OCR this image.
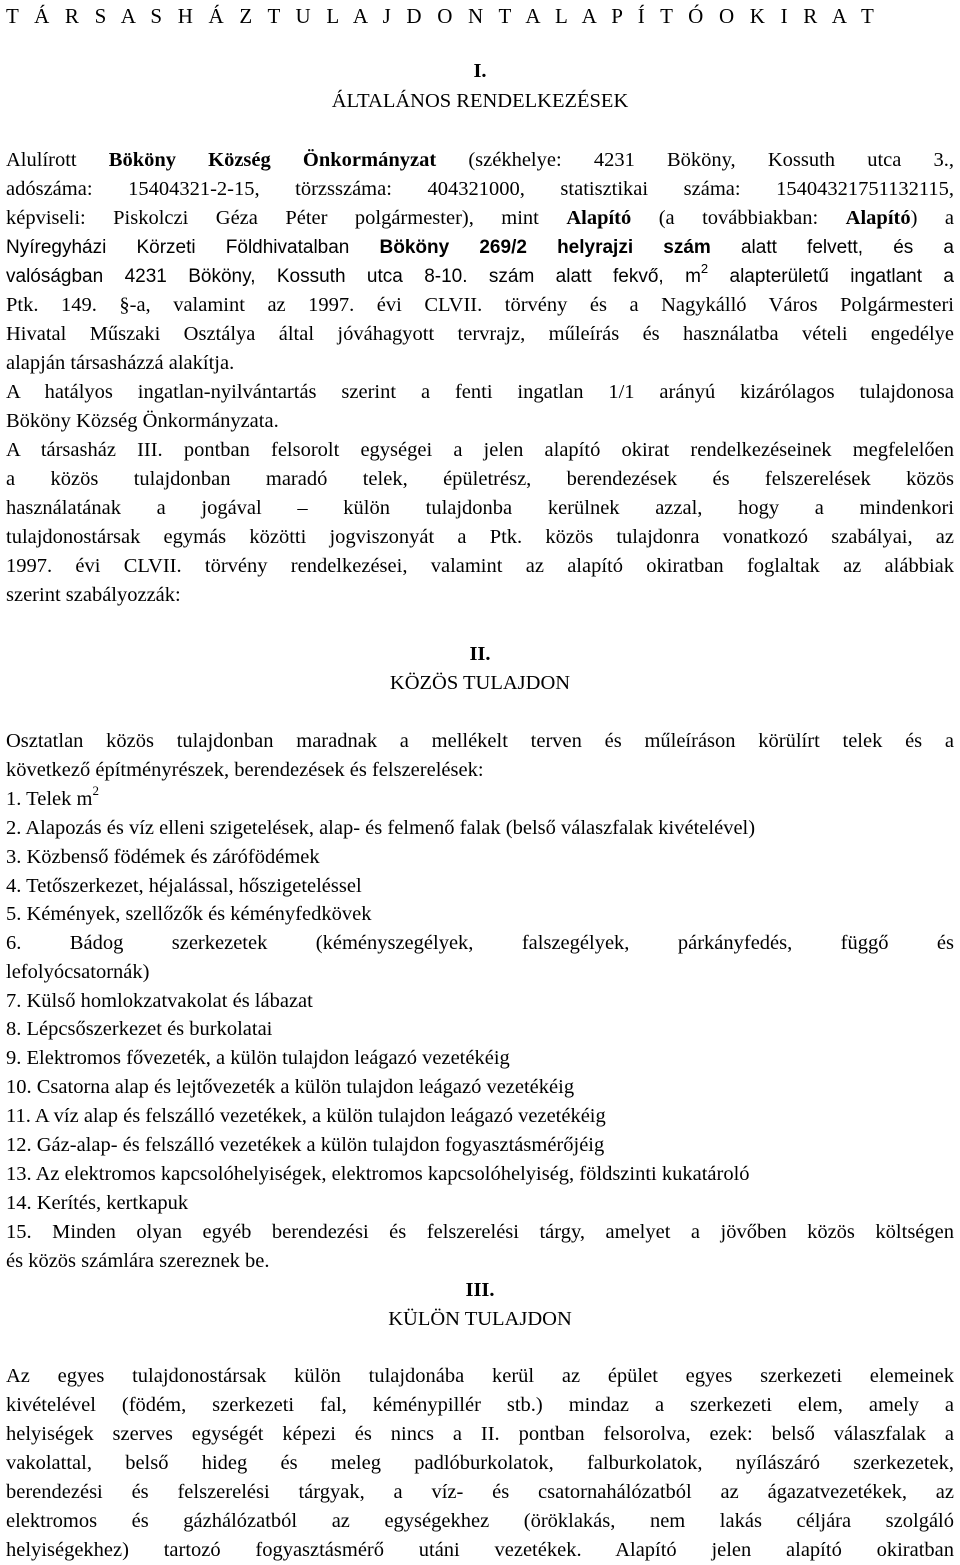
T Á R S A S H Á Z T U L A J D O N T A L A P Í T Ó O K I R A T
I.
ÁLTALÁNOS RENDELKEZÉSEK
Alulírott Bököny Község Önkormányzat (székhelye: 4231 Bököny, Kossuth utca 3.,
adószáma: 15404321-2-15, törzsszáma: 404321000, statisztikai száma: 15404321751132115,
képviseli: Piskolczi Géza Péter polgármester), mint Alapító (a továbbiakban: Alapító) a
Nyíregyházi Körzeti Földhivatalban Bököny 269/2 helyrajzi szám alatt felvett, és a
valóságban 4231 Bököny, Kossuth utca 8-10. szám alatt fekvő, $m^2$ alapterületű ingatlant a
Ptk. 149. §-a, valamint az 1997. évi CLVII. törvény és a Nagykálló Város Polgármesteri
Hivatal Műszaki Osztálya által jóváhagyott tervrajz, műleírás és használatba vételi engedélye
alapján társasházzá alakítja.
A hatályos ingatlan-nyilvántartás szerint a fenti ingatlan 1/1 arányú kizárólagos tulajdonosa
Bököny Község Önkormányzata.
A társasház III. pontban felsorolt egységei a jelen alapító okirat rendelkezéseinek megfelelően
a közös tulajdonban maradó telek, épületrész, berendezések és felszerelések közös
használatának a jogával – külön tulajdonba kerülnek azzal, hogy a mindenkori
tulajdonostársak egymás közötti jogviszonyát a Ptk. közös tulajdonra vonatkozó szabályai, az
1997. évi CLVII. törvény rendelkezései, valamint az alapító okiratban foglaltak az alábbiak
szerint szabályozzák:
II.
KÖZÖS TULAJDON
Osztatlan közös tulajdonban maradnak a mellékelt terven és műleíráson körülírt telek és a
következő építményrészek, berendezések és felszerelések:
1. Telek $m^2$
2. Alapozás és víz elleni szigetelések, alap- és felmenő falak (belső válaszfalak kivételével)
3. Közbenső födémek és zárófödémek
4. Tetőszerkezet, héjalással, hőszigeteléssel
5. Kémények, szellőzők és kéményfedkövek
6. Bádog szerkezetek (kéményszegélyek, falszegélyek, párkányfedés, függő és
lefolyócsatornák)
7. Külső homlokzatvakolat és lábazat
8. Lépcsőszerkezet és burkolatai
9. Elektromos fővezeték, a külön tulajdon leágazó vezetékéig
10. Csatorna alap és lejtővezeték a külön tulajdon leágazó vezetékéig
11. A víz alap és felszálló vezetékek, a külön tulajdon leágazó vezetékéig
12. Gáz-alap- és felszálló vezetékek a külön tulajdon fogyasztásmérőjéig
13. Az elektromos kapcsolóhelyiségek, elektromos kapcsolóhelyiség, földszinti kukatároló
14. Kerítés, kertkapuk
15. Minden olyan egyéb berendezési és felszerelési tárgy, amelyet a jövőben közös költségen
és közös számlára szereznek be.
III.
KÜLÖN TULAJDON
Az egyes tulajdonostársak külön tulajdonába kerül az épület egyes szerkezeti elemeinek
kivételével (födém, szerkezeti fal, kéménypillér stb.) mindaz a szerkezeti elem, amely a
helyiségek szerves egységét képezi és nincs a II. pontban felsorolva, ezek: belső válaszfalak a
vakolattal, belső hideg és meleg padlóburkolatok, falburkolatok, nyílászáró szerkezetek,
berendezési és felszerelési tárgyak, a víz- és csatornahálózatból az ágazatvezetékek, az
elektromos és gázhálózatból az egységekhez (öröklakás, nem lakás céljára szolgáló
helyiségekhez) tartozó fogyasztásmérő utáni vezetékek. Alapító jelen alapító okiratban
